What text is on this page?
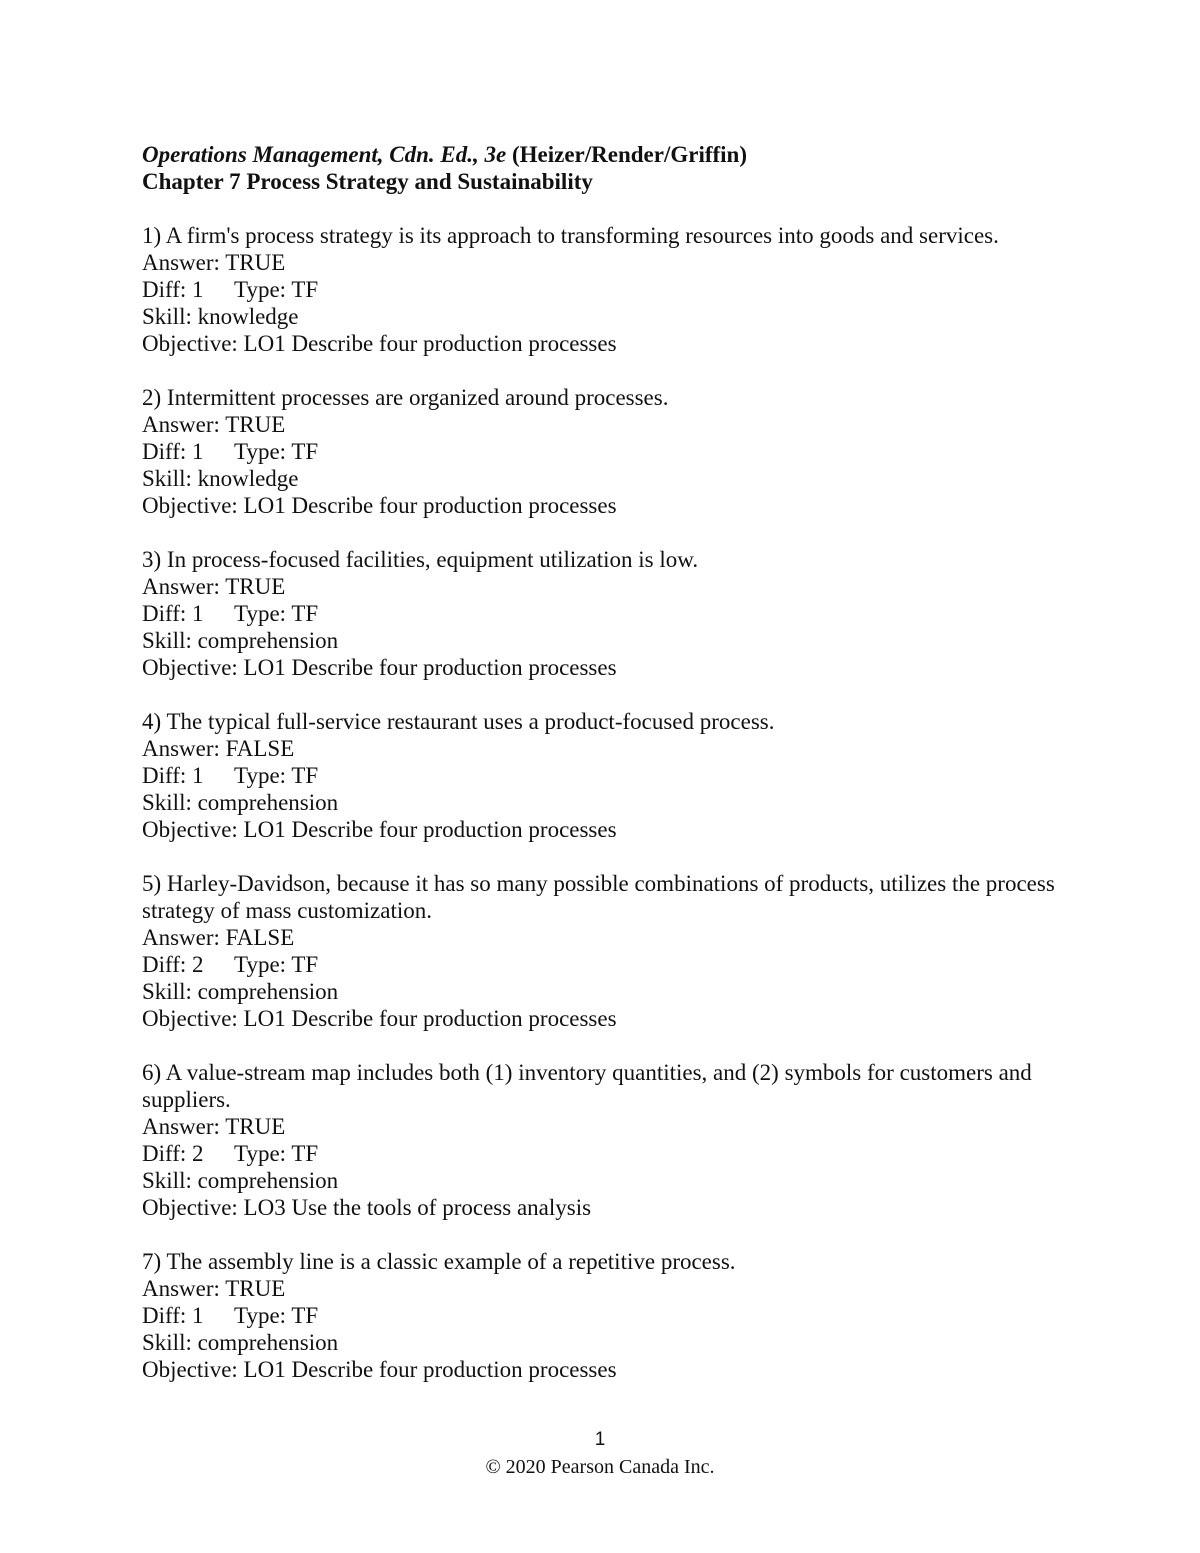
Operations Management, Cdn. Ed., 3e (Heizer/Render/Griffin)
Chapter 7 Process Strategy and Sustainability
1) A firm's process strategy is its approach to transforming resources into goods and services.
Answer: TRUE
Diff: 1 Type: TF
Skill: knowledge
Objective: LO1 Describe four production processes
2) Intermittent processes are organized around processes.
Answer: TRUE
Diff: 1 Type: TF
Skill: knowledge
Objective: LO1 Describe four production processes
3) In process-focused facilities, equipment utilization is low.
Answer: TRUE
Diff: 1 Type: TF
Skill: comprehension
Objective: LO1 Describe four production processes
4) The typical full-service restaurant uses a product-focused process.
Answer: FALSE
Diff: 1 Type: TF
Skill: comprehension
Objective: LO1 Describe four production processes
5) Harley-Davidson, because it has so many possible combinations of products, utilizes the process strategy of mass customization.
Answer: FALSE
Diff: 2 Type: TF
Skill: comprehension
Objective: LO1 Describe four production processes
6) A value-stream map includes both (1) inventory quantities, and (2) symbols for customers and suppliers.
Answer: TRUE
Diff: 2 Type: TF
Skill: comprehension
Objective: LO3 Use the tools of process analysis
7) The assembly line is a classic example of a repetitive process.
Answer: TRUE
Diff: 1 Type: TF
Skill: comprehension
Objective: LO1 Describe four production processes
1
© 2020 Pearson Canada Inc.
